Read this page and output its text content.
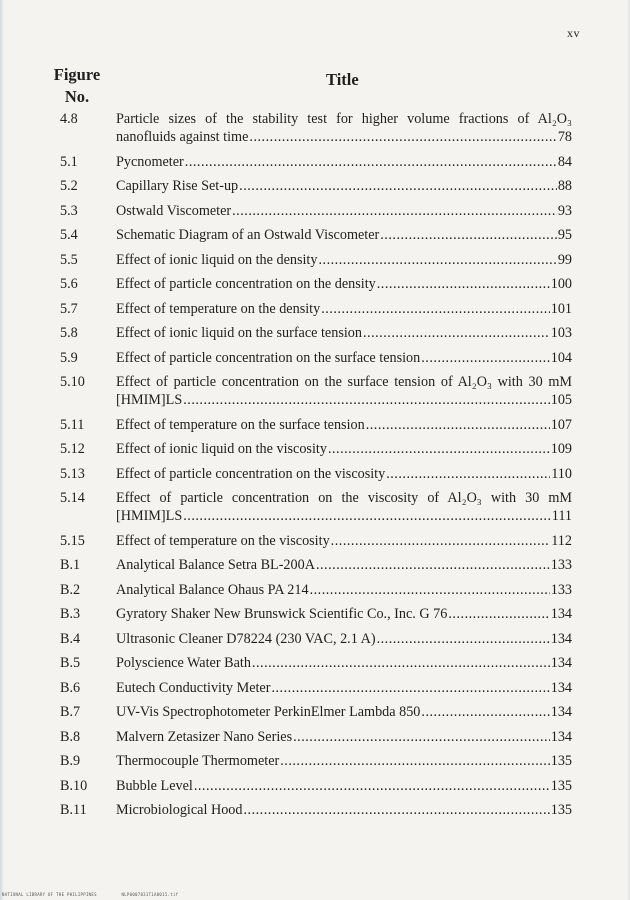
xv
Figure
No.
Title
4.8	Particle sizes of the stability test for higher volume fractions of Al₂O₃
nanofluids against time .....	78
5.1	Pycnometer .....	84
5.2	Capillary Rise Set-up .....	88
5.3	Ostwald Viscometer .....	93
5.4	Schematic Diagram of an Ostwald Viscometer .....	95
5.5	Effect of ionic liquid on the density .....	99
5.6	Effect of particle concentration on the density .....	100
5.7	Effect of temperature on the density .....	101
5.8	Effect of ionic liquid on the surface tension .....	103
5.9	Effect of particle concentration on the surface tension .....	104
5.10 Effect of particle concentration on the surface tension of Al₂O₃ with 30 mM
[HMIM]LS .....	105
5.11 Effect of temperature on the surface tension .....	107
5.12 Effect of ionic liquid on the viscosity .....	109
5.13 Effect of particle concentration on the viscosity .....	110
5.14 Effect of particle concentration on the viscosity of Al₂O₃ with 30 mM
[HMIM]LS .....	111
5.15 Effect of temperature on the viscosity .....	112
B.1	Analytical Balance Setra BL-200A .....	133
B.2	Analytical Balance Ohaus PA 214 .....	133
B.3	Gyratory Shaker New Brunswick Scientific Co., Inc. G 76 .....	134
B.4	Ultrasonic Cleaner D78224 (230 VAC, 2.1 A) .....	134
B.5	Polyscience Water Bath .....	134
B.6	Eutech Conductivity Meter .....	134
B.7	UV-Vis Spectrophotometer PerkinElmer Lambda 850 .....	134
B.8	Malvern Zetasizer Nano Series .....	134
B.9	Thermocouple Thermometer .....	135
B.10 Bubble Level .....	135
B.11 Microbiological Hood .....	135
NATIONAL LIBRARY OF THE PHILIPPINES	NLP0007831T1A0015.tif
